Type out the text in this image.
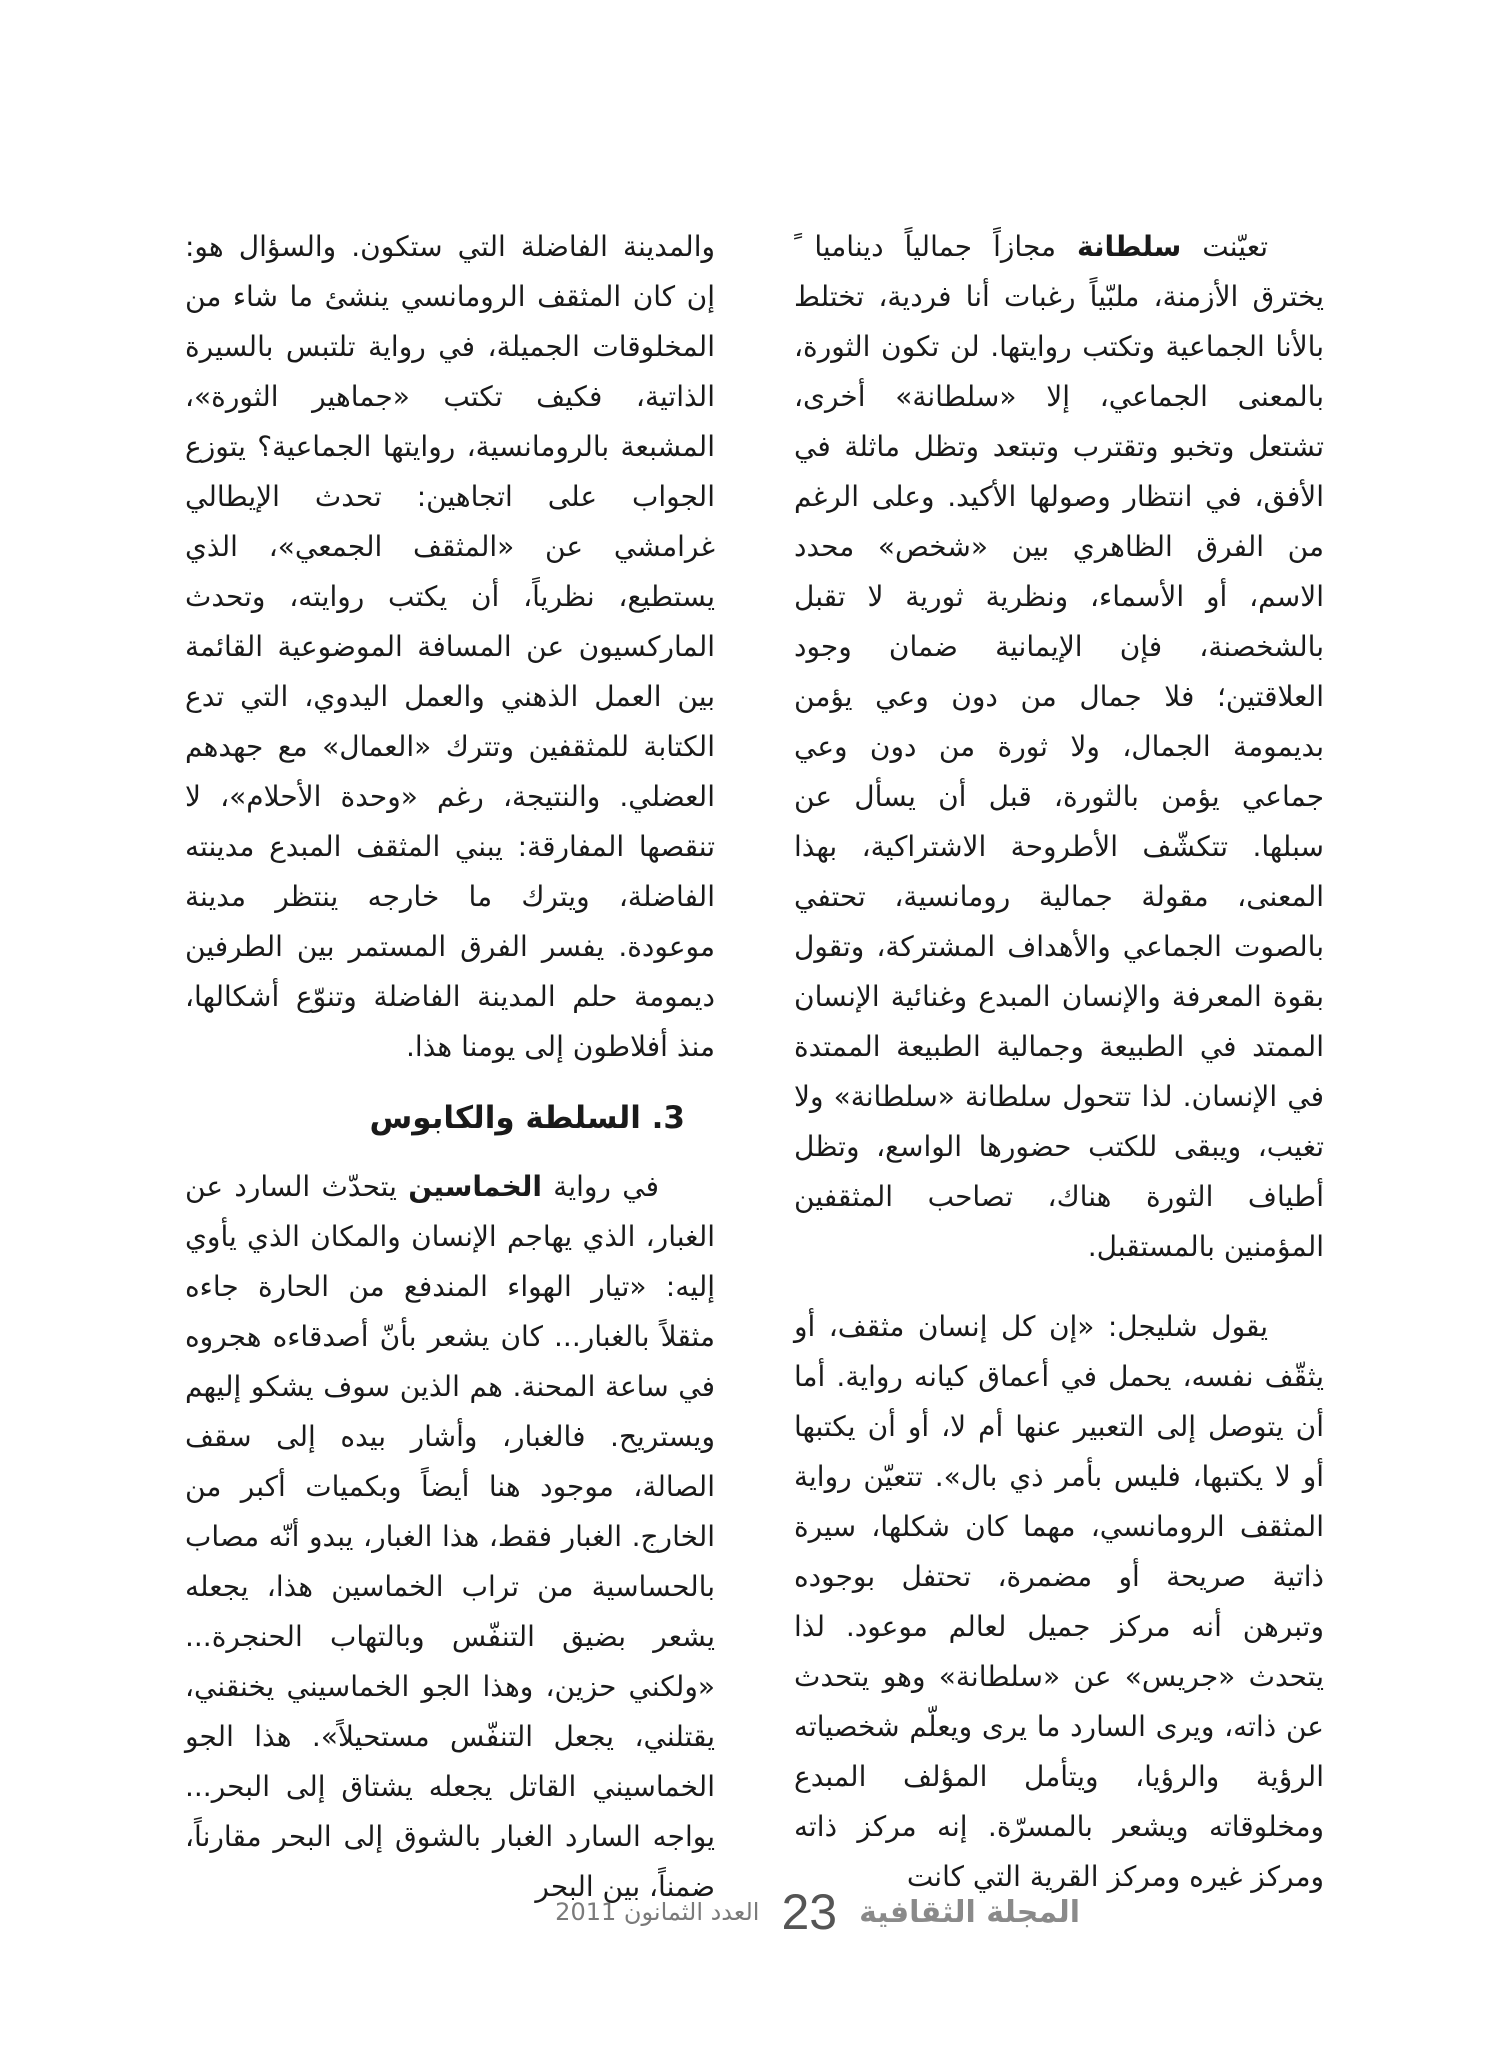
تعيّنت سلطانة مجازاً جمالياً ديناميا ً يخترق الأزمنة، ملبّياً رغبات أنا فردية، تختلط بالأنا الجماعية وتكتب روايتها. لن تكون الثورة، بالمعنى الجماعي، إلا «سلطانة» أخرى، تشتعل وتخبو وتقترب وتبتعد وتظل ماثلة في الأفق، في انتظار وصولها الأكيد. وعلى الرغم من الفرق الظاهري بين «شخص» محدد الاسم، أو الأسماء، ونظرية ثورية لا تقبل بالشخصنة، فإن الإيمانية ضمان وجود العلاقتين؛ فلا جمال من دون وعي يؤمن بديمومة الجمال، ولا ثورة من دون وعي جماعي يؤمن بالثورة، قبل أن يسأل عن سبلها. تتكشّف الأطروحة الاشتراكية، بهذا المعنى، مقولة جمالية رومانسية، تحتفي بالصوت الجماعي والأهداف المشتركة، وتقول بقوة المعرفة والإنسان المبدع وغنائية الإنسان الممتد في الطبيعة وجمالية الطبيعة الممتدة في الإنسان. لذا تتحول سلطانة «سلطانة» ولا تغيب، ويبقى للكتب حضورها الواسع، وتظل أطياف الثورة هناك، تصاحب المثقفين المؤمنين بالمستقبل.

يقول شليجل: «إن كل إنسان مثقف، أو يثقّف نفسه، يحمل في أعماق كيانه رواية. أما أن يتوصل إلى التعبير عنها أم لا، أو أن يكتبها أو لا يكتبها، فليس بأمر ذي بال». تتعيّن رواية المثقف الرومانسي، مهما كان شكلها، سيرة ذاتية صريحة أو مضمرة، تحتفل بوجوده وتبرهن أنه مركز جميل لعالم موعود. لذا يتحدث «جريس» عن «سلطانة» وهو يتحدث عن ذاته، ويرى السارد ما يرى ويعلّم شخصياته الرؤية والرؤيا، ويتأمل المؤلف المبدع ومخلوقاته ويشعر بالمسرّة. إنه مركز ذاته ومركز غيره ومركز القرية التي كانت

والمدينة الفاضلة التي ستكون. والسؤال هو: إن كان المثقف الرومانسي ينشئ ما شاء من المخلوقات الجميلة، في رواية تلتبس بالسيرة الذاتية، فكيف تكتب «جماهير الثورة»، المشبعة بالرومانسية، روايتها الجماعية؟ يتوزع الجواب على اتجاهين: تحدث الإيطالي غرامشي عن «المثقف الجمعي»، الذي يستطيع، نظرياً، أن يكتب روايته، وتحدث الماركسيون عن المسافة الموضوعية القائمة بين العمل الذهني والعمل اليدوي، التي تدع الكتابة للمثقفين وتترك «العمال» مع جهدهم العضلي. والنتيجة، رغم «وحدة الأحلام»، لا تنقصها المفارقة: يبني المثقف المبدع مدينته الفاضلة، ويترك ما خارجه ينتظر مدينة موعودة. يفسر الفرق المستمر بين الطرفين ديمومة حلم المدينة الفاضلة وتنوّع أشكالها، منذ أفلاطون إلى يومنا هذا.

3. السلطة والكابوس

في رواية الخماسين يتحدّث السارد عن الغبار، الذي يهاجم الإنسان والمكان الذي يأوي إليه: «تيار الهواء المندفع من الحارة جاءه مثقلاً بالغبار... كان يشعر بأنّ أصدقاءه هجروه في ساعة المحنة. هم الذين سوف يشكو إليهم ويستريح. فالغبار، وأشار بيده إلى سقف الصالة، موجود هنا أيضاً وبكميات أكبر من الخارج. الغبار فقط، هذا الغبار، يبدو أنّه مصاب بالحساسية من تراب الخماسين هذا، يجعله يشعر بضيق التنفّس وبالتهاب الحنجرة... «ولكني حزين، وهذا الجو الخماسيني يخنقني، يقتلني، يجعل التنفّس مستحيلاً». هذا الجو الخماسيني القاتل يجعله يشتاق إلى البحر... يواجه السارد الغبار بالشوق إلى البحر مقارناً، ضمناً، بين البحر

المجلة الثقافية
23
العدد الثمانون 2011
